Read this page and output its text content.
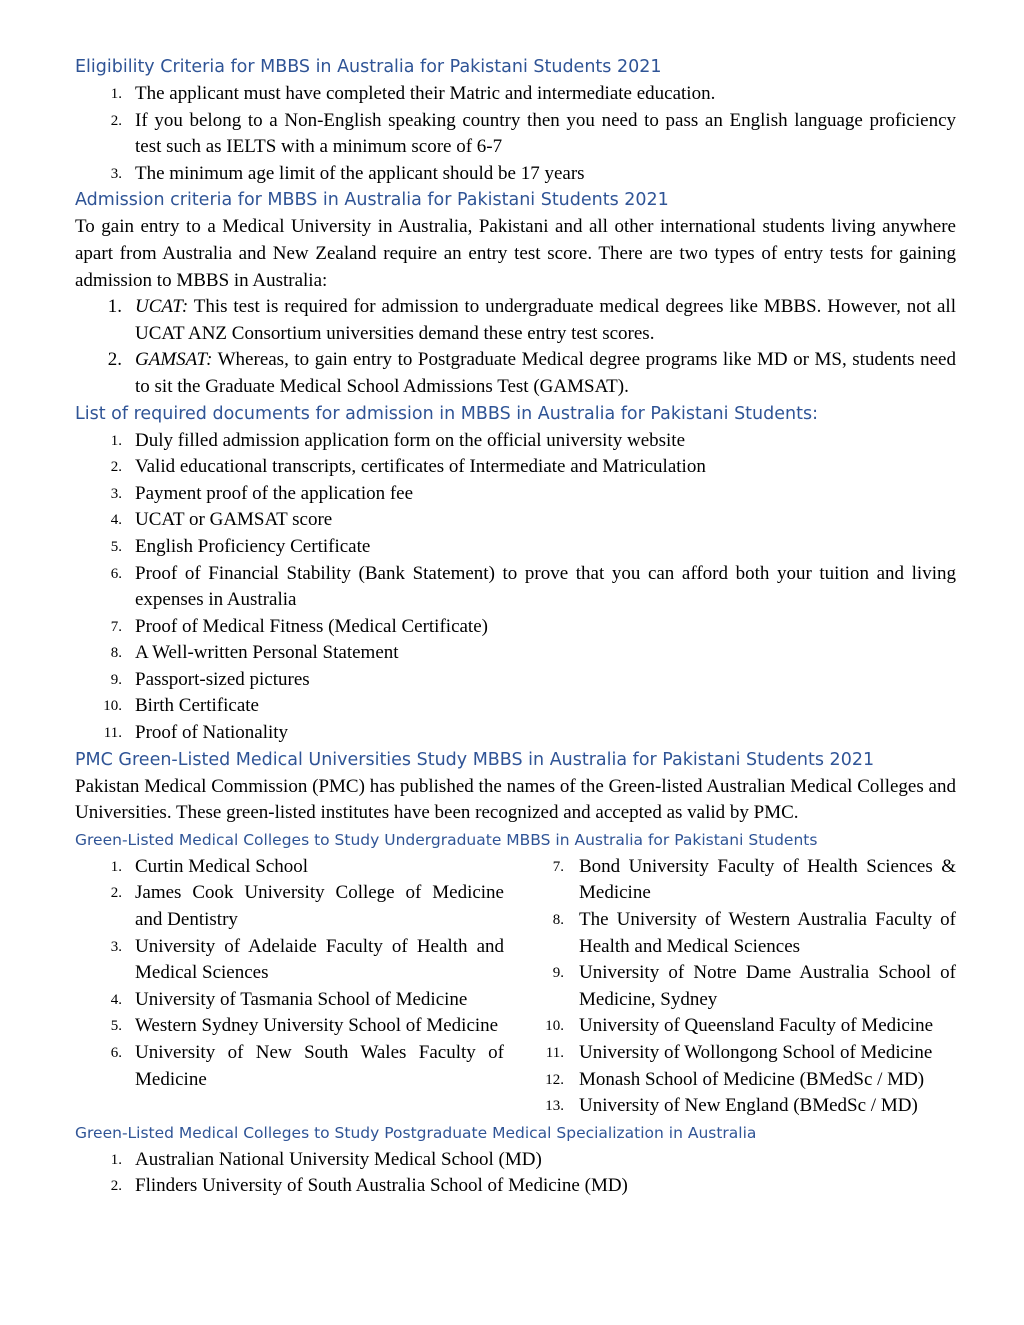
Eligibility Criteria for MBBS in Australia for Pakistani Students 2021
1. The applicant must have completed their Matric and intermediate education.
2. If you belong to a Non-English speaking country then you need to pass an English language proficiency test such as IELTS with a minimum score of 6-7
3. The minimum age limit of the applicant should be 17 years
Admission criteria for MBBS in Australia for Pakistani Students 2021

To gain entry to a Medical University in Australia, Pakistani and all other international students living anywhere apart from Australia and New Zealand require an entry test score. There are two types of entry tests for gaining admission to MBBS in Australia:

1. UCAT: This test is required for admission to undergraduate medical degrees like MBBS. However, not all UCAT ANZ Consortium universities demand these entry test scores.
2. GAMSAT: Whereas, to gain entry to Postgraduate Medical degree programs like MD or MS, students need to sit the Graduate Medical School Admissions Test (GAMSAT).
List of required documents for admission in MBBS in Australia for Pakistani Students:
1. Duly filled admission application form on the official university website
2. Valid educational transcripts, certificates of Intermediate and Matriculation
3. Payment proof of the application fee
4. UCAT or GAMSAT score
5. English Proficiency Certificate
6. Proof of Financial Stability (Bank Statement) to prove that you can afford both your tuition and living expenses in Australia
7. Proof of Medical Fitness (Medical Certificate)
8. A Well-written Personal Statement
9. Passport-sized pictures
10. Birth Certificate
11. Proof of Nationality
PMC Green-Listed Medical Universities Study MBBS in Australia for Pakistani Students 2021

Pakistan Medical Commission (PMC) has published the names of the Green-listed Australian Medical Colleges and Universities. These green-listed institutes have been recognized and accepted as valid by PMC.

Green-Listed Medical Colleges to Study Undergraduate MBBS in Australia for Pakistani Students
1. Curtin Medical School
2. James Cook University College of Medicine and Dentistry
3. University of Adelaide Faculty of Health and Medical Sciences
4. University of Tasmania School of Medicine
5. Western Sydney University School of Medicine
6. University of New South Wales Faculty of Medicine
7. Bond University Faculty of Health Sciences & Medicine
8. The University of Western Australia Faculty of Health and Medical Sciences
9. University of Notre Dame Australia School of Medicine, Sydney
10. University of Queensland Faculty of Medicine
11. University of Wollongong School of Medicine
12. Monash School of Medicine (BMedSc / MD)
13. University of New England (BMedSc / MD)
Green-Listed Medical Colleges to Study Postgraduate Medical Specialization in Australia
1. Australian National University Medical School (MD)
2. Flinders University of South Australia School of Medicine (MD)
